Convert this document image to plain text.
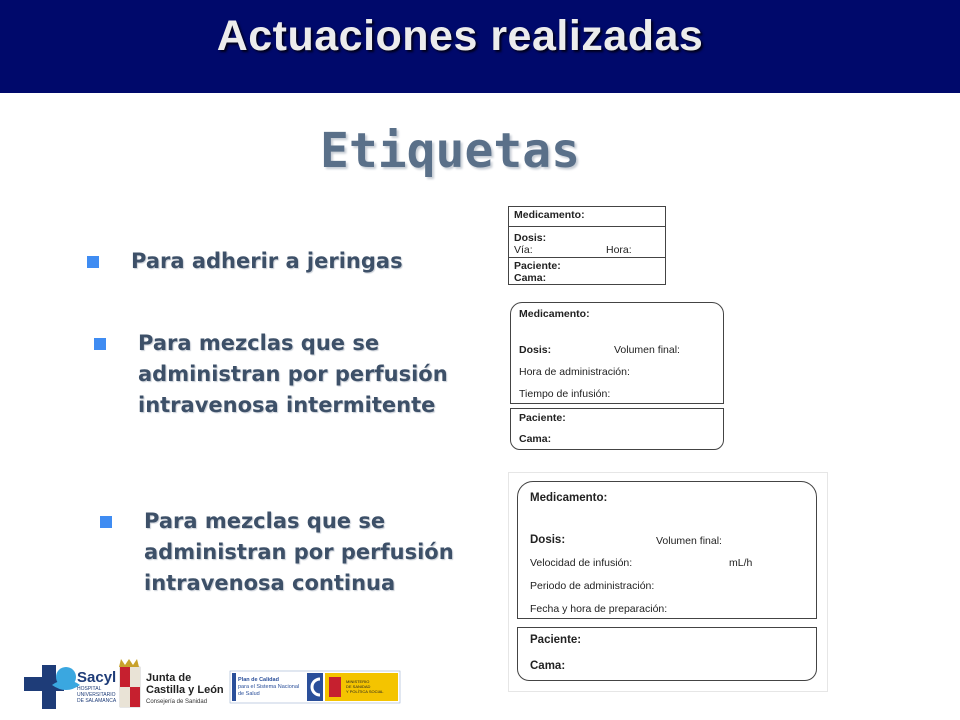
Actuaciones realizadas
Etiquetas
Para adherir a jeringas
Para mezclas que se
administran por perfusión
intravenosa intermitente
Para mezclas que se
administran por perfusión
intravenosa continua
Medicamento:
Dosis:
Vía:	Hora:
Paciente:
Cama:
Medicamento:
Dosis:	Volumen final:
Hora de administración:
Tiempo de infusión:
Paciente:
Cama:
Medicamento:
Dosis:	Volumen final:
Velocidad de infusión:	mL/h
Periodo de administración:
Fecha y hora de preparación:
Paciente:
Cama:
Sacyl
HOSPITAL
UNIVERSITARIO
DE SALAMANCA
Junta de
Castilla y León
Consejería de Sanidad
Plan de Calidad
para el Sistema Nacional
de Salud
MINISTERIO
DE SANIDAD
Y POLÍTICA SOCIAL
